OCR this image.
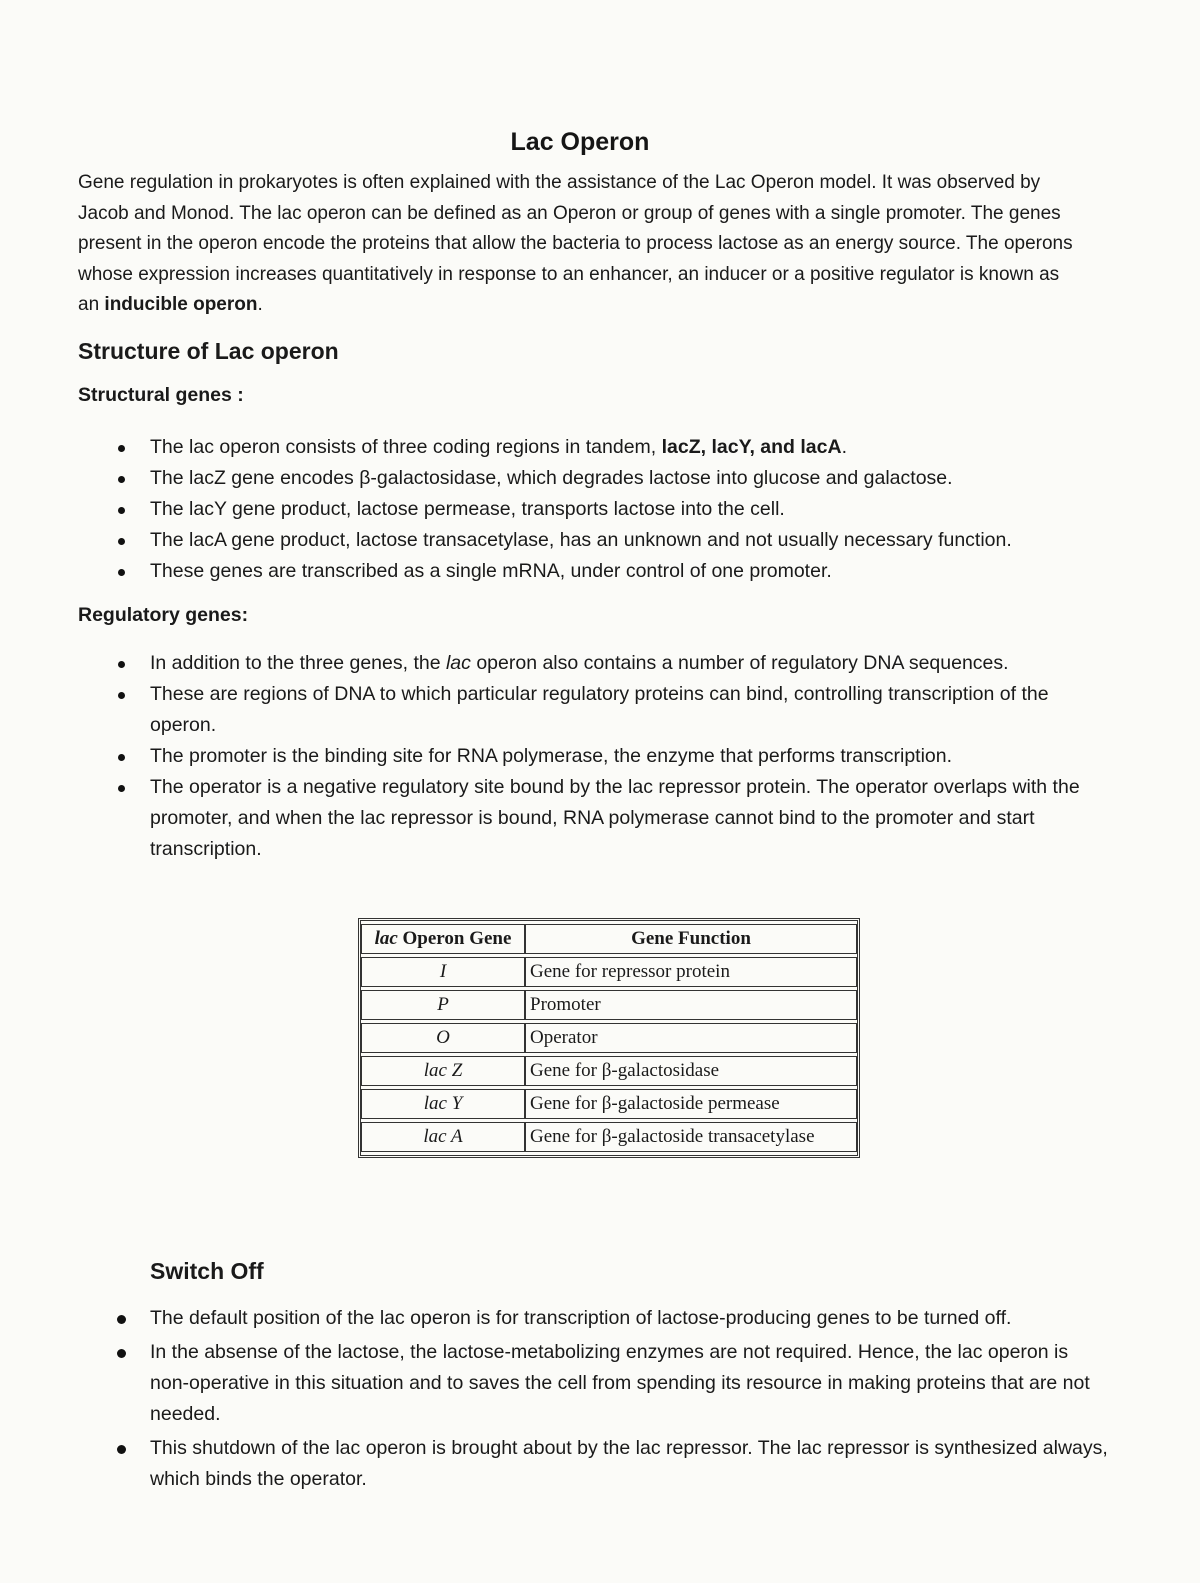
Lac Operon

Gene regulation in prokaryotes is often explained with the assistance of the Lac Operon model. It was observed by Jacob and Monod. The lac operon can be defined as an Operon or group of genes with a single promoter. The genes present in the operon encode the proteins that allow the bacteria to process lactose as an energy source. The operons whose expression increases quantitatively in response to an enhancer, an inducer or a positive regulator is known as an inducible operon.

Structure of Lac operon
Structural genes :
The lac operon consists of three coding regions in tandem, lacZ, lacY, and lacA.
The lacZ gene encodes β-galactosidase, which degrades lactose into glucose and galactose.
The lacY gene product, lactose permease, transports lactose into the cell.
The lacA gene product, lactose transacetylase, has an unknown and not usually necessary function.
These genes are transcribed as a single mRNA, under control of one promoter.
Regulatory genes:
In addition to the three genes, the lac operon also contains a number of regulatory DNA sequences.
These are regions of DNA to which particular regulatory proteins can bind, controlling transcription of the operon.
The promoter is the binding site for RNA polymerase, the enzyme that performs transcription.
The operator is a negative regulatory site bound by the lac repressor protein. The operator overlaps with the promoter, and when the lac repressor is bound, RNA polymerase cannot bind to the promoter and start transcription.
lac Operon Gene	Gene Function
I	Gene for repressor protein
P	Promoter
O	Operator
lac Z	Gene for β-galactosidase
lac Y	Gene for β-galactoside permease
lac A	Gene for β-galactoside transacetylase
Switch Off
The default position of the lac operon is for transcription of lactose-producing genes to be turned off.
In the absense of the lactose, the lactose-metabolizing enzymes are not required. Hence, the lac operon is non-operative in this situation and to saves the cell from spending its resource in making proteins that are not needed.
This shutdown of the lac operon is brought about by the lac repressor. The lac repressor is synthesized always, which binds the operator.
